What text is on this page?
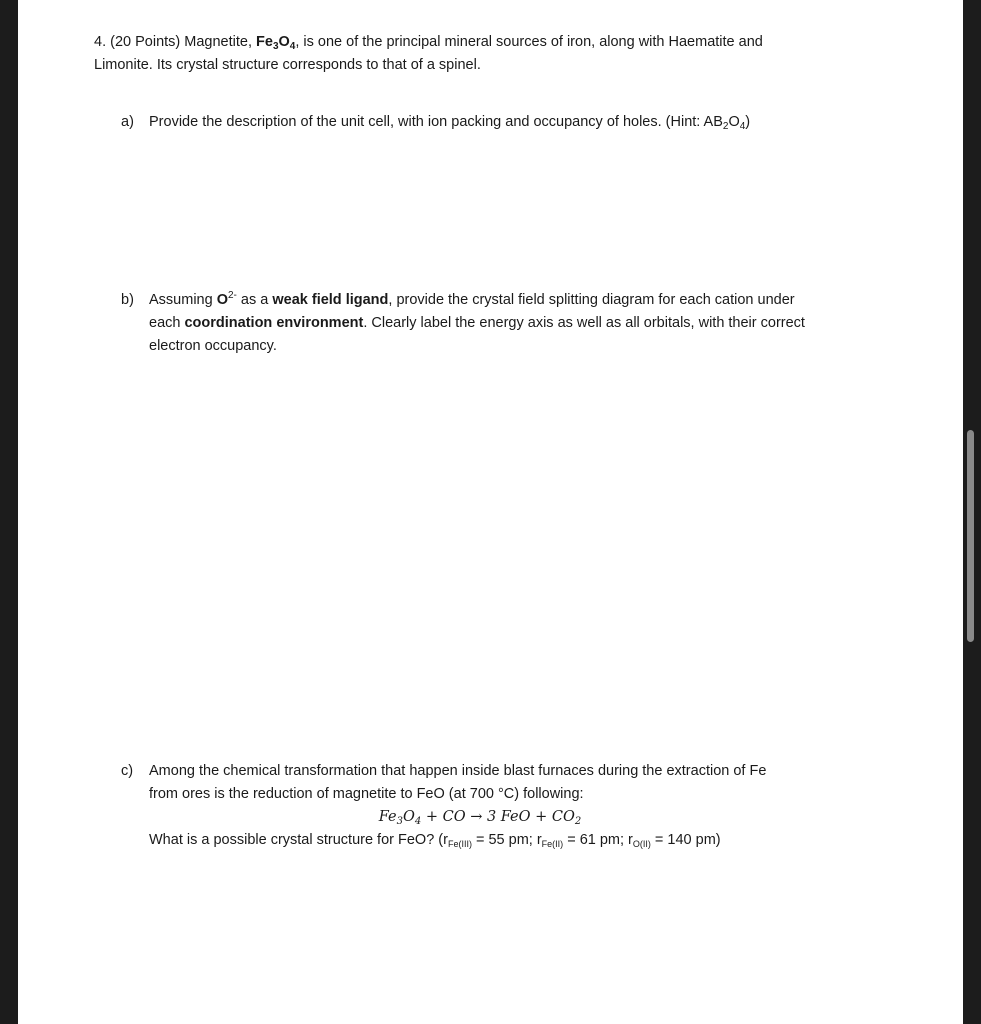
4. (20 Points) Magnetite, $Fe_3O_4$, is one of the principal mineral sources of iron, along with Haematite and
Limonite. Its crystal structure corresponds to that of a spinel.
a)	Provide the description of the unit cell, with ion packing and occupancy of holes. (Hint: $AB_2O_4$)
b)	Assuming $O^{2-}$ as a weak field ligand, provide the crystal field splitting diagram for each cation under
each coordination environment. Clearly label the energy axis as well as all orbitals, with their correct
electron occupancy.
c)	Among the chemical transformation that happen inside blast furnaces during the extraction of Fe
from ores is the reduction of magnetite to FeO (at 700 °C) following:
$Fe_3O_4$ + CO → 3 FeO + $CO_2$
What is a possible crystal structure for FeO? ($r_{Fe(III)} = 55$ pm; $r_{Fe(II)} = 61$ pm; $r_{O(II)} = 140$ pm)
